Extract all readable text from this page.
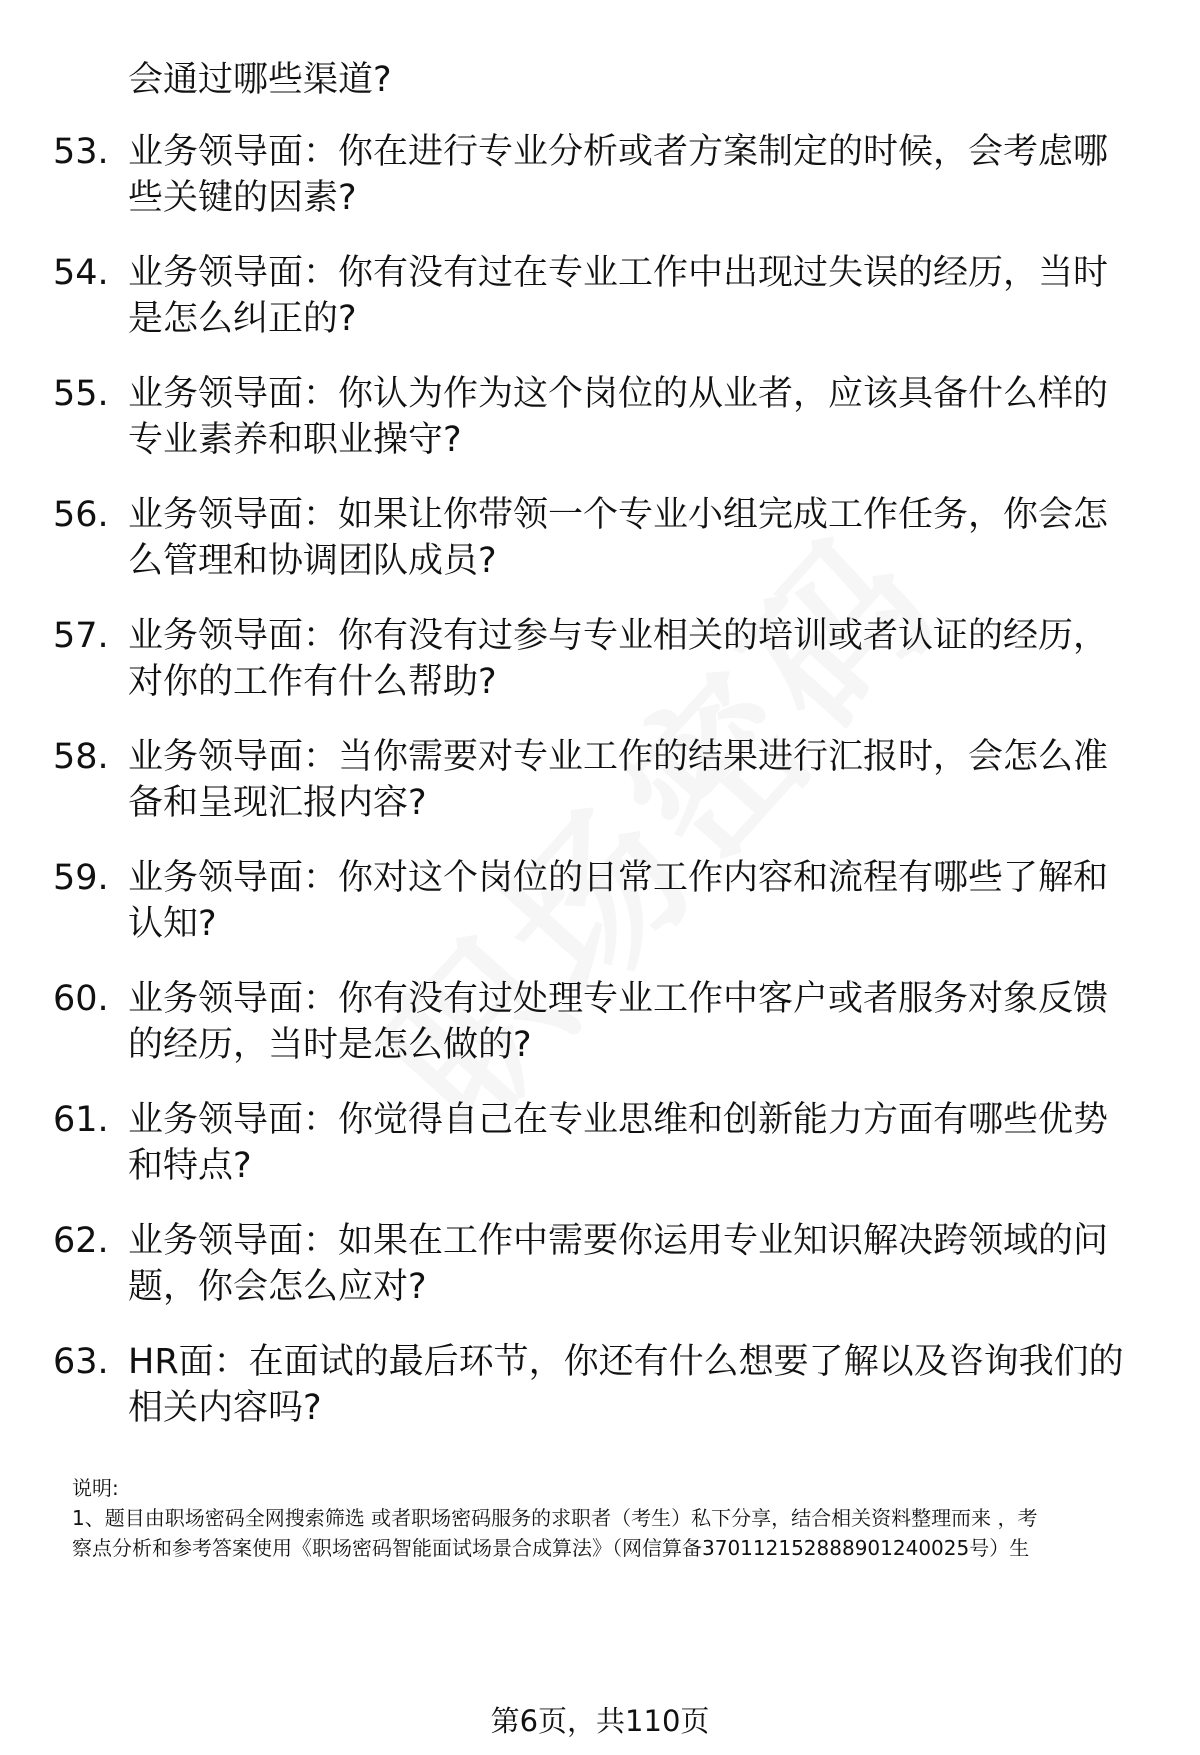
会通过哪些渠道?
53. 业务领导面：你在进行专业分析或者方案制定的时候，会考虑哪
些关键的因素?
54. 业务领导面：你有没有过在专业工作中出现过失误的经历，当时
是怎么纠正的?
55. 业务领导面：你认为作为这个岗位的从业者，应该具备什么样的
专业素养和职业操守?
56. 业务领导面：如果让你带领一个专业小组完成工作任务，你会怎
么管理和协调团队成员?
57. 业务领导面：你有没有过参与专业相关的培训或者认证的经历，
对你的工作有什么帮助?
58. 业务领导面：当你需要对专业工作的结果进行汇报时，会怎么准
备和呈现汇报内容?
59. 业务领导面：你对这个岗位的日常工作内容和流程有哪些了解和
认知?
60. 业务领导面：你有没有过处理专业工作中客户或者服务对象反馈
的经历，当时是怎么做的?
61. 业务领导面：你觉得自己在专业思维和创新能力方面有哪些优势
和特点?
62. 业务领导面：如果在工作中需要你运用专业知识解决跨领域的问
题，你会怎么应对?
63. HR面：在面试的最后环节，你还有什么想要了解以及咨询我们的
相关内容吗?
说明:
1、题目由职场密码全网搜索筛选 或者职场密码服务的求职者（考生）私下分享，结合相关资料整理而来 ，考
察点分析和参考答案使用《职场密码智能面试场景合成算法》（网信算备370112152888901240025号）生
第6页，共110页
